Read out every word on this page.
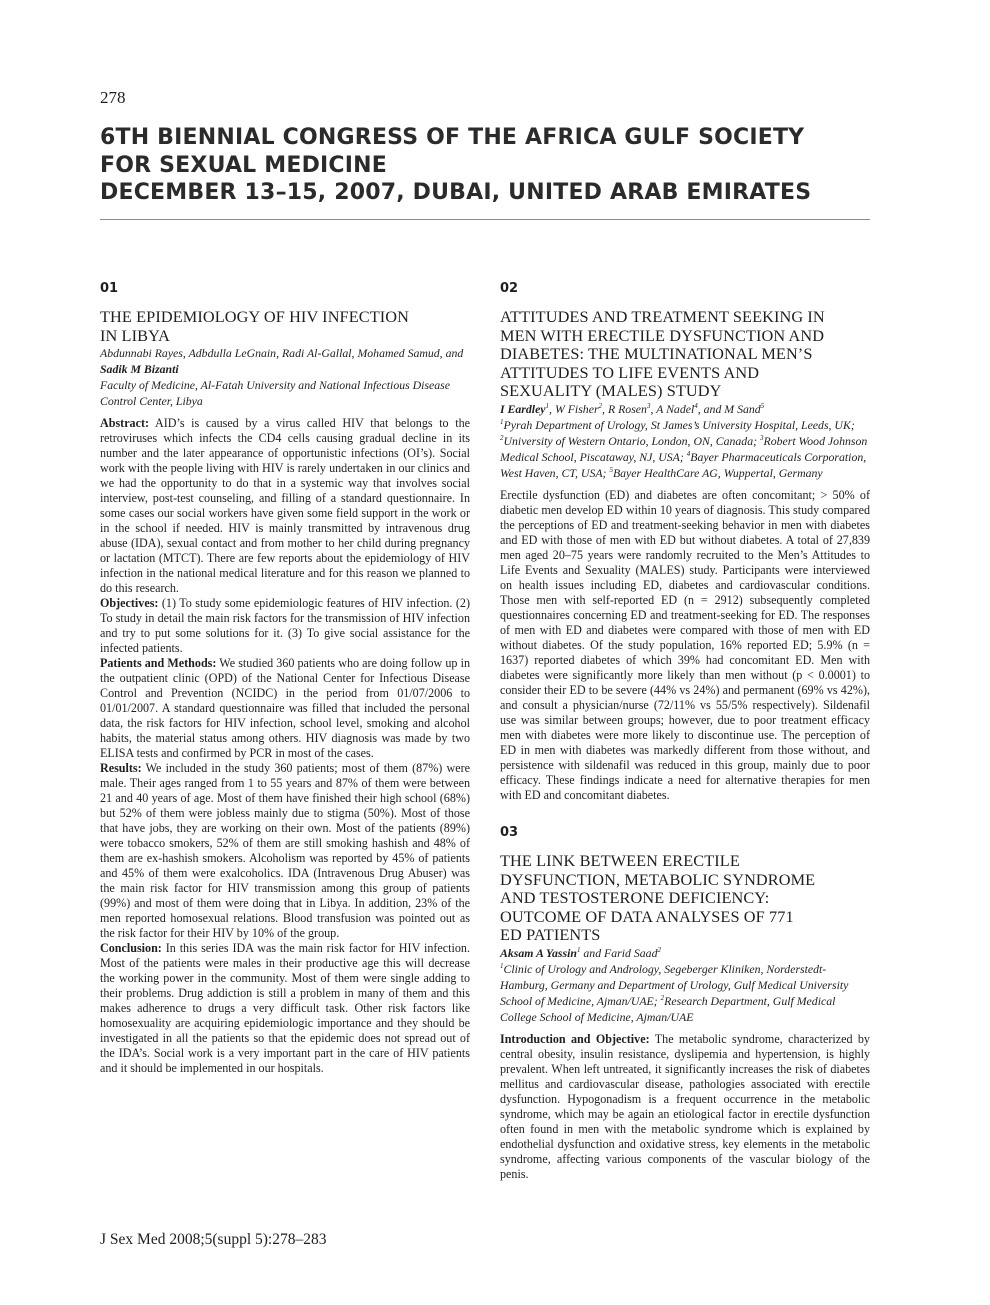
278
6TH BIENNIAL CONGRESS OF THE AFRICA GULF SOCIETY
FOR SEXUAL MEDICINE
DECEMBER 13–15, 2007, DUBAI, UNITED ARAB EMIRATES
01
THE EPIDEMIOLOGY OF HIV INFECTION
IN LIBYA

Abdunnabi Rayes, Adbdulla LeGnain, Radi Al-Gallal, Mohamed Samud, and Sadik M Bizanti

Faculty of Medicine, Al-Fatah University and National Infectious Disease Control Center, Libya

Abstract: AID’s is caused by a virus called HIV that belongs to the retroviruses which infects the CD4 cells causing gradual decline in its number and the later appearance of opportunistic infections (OI’s). Social work with the people living with HIV is rarely undertaken in our clinics and we had the opportunity to do that in a systemic way that involves social interview, post-test counseling, and filling of a standard questionnaire. In some cases our social workers have given some field support in the work or in the school if needed. HIV is mainly transmitted by intravenous drug abuse (IDA), sexual contact and from mother to her child during pregnancy or lactation (MTCT). There are few reports about the epidemiology of HIV infection in the national medical literature and for this reason we planned to do this research.

Objectives: (1) To study some epidemiologic features of HIV infection. (2) To study in detail the main risk factors for the transmission of HIV infection and try to put some solutions for it. (3) To give social assistance for the infected patients.

Patients and Methods: We studied 360 patients who are doing follow up in the outpatient clinic (OPD) of the National Center for Infectious Disease Control and Prevention (NCIDC) in the period from 01/07/2006 to 01/01/2007. A standard questionnaire was filled that included the personal data, the risk factors for HIV infection, school level, smoking and alcohol habits, the material status among others. HIV diagnosis was made by two ELISA tests and confirmed by PCR in most of the cases.

Results: We included in the study 360 patients; most of them (87%) were male. Their ages ranged from 1 to 55 years and 87% of them were between 21 and 40 years of age. Most of them have finished their high school (68%) but 52% of them were jobless mainly due to stigma (50%). Most of those that have jobs, they are working on their own. Most of the patients (89%) were tobacco smokers, 52% of them are still smoking hashish and 48% of them are ex-hashish smokers. Alcoholism was reported by 45% of patients and 45% of them were exalcoholics. IDA (Intravenous Drug Abuser) was the main risk factor for HIV transmission among this group of patients (99%) and most of them were doing that in Libya. In addition, 23% of the men reported homosexual relations. Blood transfusion was pointed out as the risk factor for their HIV by 10% of the group.

Conclusion: In this series IDA was the main risk factor for HIV infection. Most of the patients were males in their productive age this will decrease the working power in the community. Most of them were single adding to their problems. Drug addiction is still a problem in many of them and this makes adherence to drugs a very difficult task. Other risk factors like homosexuality are acquiring epidemiologic importance and they should be investigated in all the patients so that the epidemic does not spread out of the IDA’s. Social work is a very important part in the care of HIV patients and it should be implemented in our hospitals.

02
ATTITUDES AND TREATMENT SEEKING IN
MEN WITH ERECTILE DYSFUNCTION AND
DIABETES: THE MULTINATIONAL MEN’S
ATTITUDES TO LIFE EVENTS AND
SEXUALITY (MALES) STUDY

I Eardley$^1$, W Fisher$^2$, R Rosen$^3$, A Nadel$^4$, and M Sand$^5$

$^1$Pyrah Department of Urology, St James’s University Hospital, Leeds, UK; $^2$University of Western Ontario, London, ON, Canada; $^3$Robert Wood Johnson Medical School, Piscataway, NJ, USA; $^4$Bayer Pharmaceuticals Corporation, West Haven, CT, USA; $^5$Bayer HealthCare AG, Wuppertal, Germany

Erectile dysfunction (ED) and diabetes are often concomitant; > 50% of diabetic men develop ED within 10 years of diagnosis. This study compared the perceptions of ED and treatment-seeking behavior in men with diabetes and ED with those of men with ED but without diabetes. A total of 27,839 men aged 20–75 years were randomly recruited to the Men’s Attitudes to Life Events and Sexuality (MALES) study. Participants were interviewed on health issues including ED, diabetes and cardiovascular conditions. Those men with self-reported ED (n = 2912) subsequently completed questionnaires concerning ED and treatment-seeking for ED. The responses of men with ED and diabetes were compared with those of men with ED without diabetes. Of the study population, 16% reported ED; 5.9% (n = 1637) reported diabetes of which 39% had concomitant ED. Men with diabetes were significantly more likely than men without (p < 0.0001) to consider their ED to be severe (44% vs 24%) and permanent (69% vs 42%), and consult a physician/nurse (72/11% vs 55/5% respectively). Sildenafil use was similar between groups; however, due to poor treatment efficacy men with diabetes were more likely to discontinue use. The perception of ED in men with diabetes was markedly different from those without, and persistence with sildenafil was reduced in this group, mainly due to poor efficacy. These findings indicate a need for alternative therapies for men with ED and concomitant diabetes.

03
THE LINK BETWEEN ERECTILE
DYSFUNCTION, METABOLIC SYNDROME
AND TESTOSTERONE DEFICIENCY:
OUTCOME OF DATA ANALYSES OF 771
ED PATIENTS

Aksam A Yassin$^1$ and Farid Saad$^2$

$^1$Clinic of Urology and Andrology, Segeberger Kliniken, Norderstedt-Hamburg, Germany and Department of Urology, Gulf Medical University School of Medicine, Ajman/UAE; $^2$Research Department, Gulf Medical College School of Medicine, Ajman/UAE

Introduction and Objective: The metabolic syndrome, characterized by central obesity, insulin resistance, dyslipemia and hypertension, is highly prevalent. When left untreated, it significantly increases the risk of diabetes mellitus and cardiovascular disease, pathologies associated with erectile dysfunction. Hypogonadism is a frequent occurrence in the metabolic syndrome, which may be again an etiological factor in erectile dysfunction often found in men with the metabolic syndrome which is explained by endothelial dysfunction and oxidative stress, key elements in the metabolic syndrome, affecting various components of the vascular biology of the penis.

J Sex Med 2008;5(suppl 5):278–283
